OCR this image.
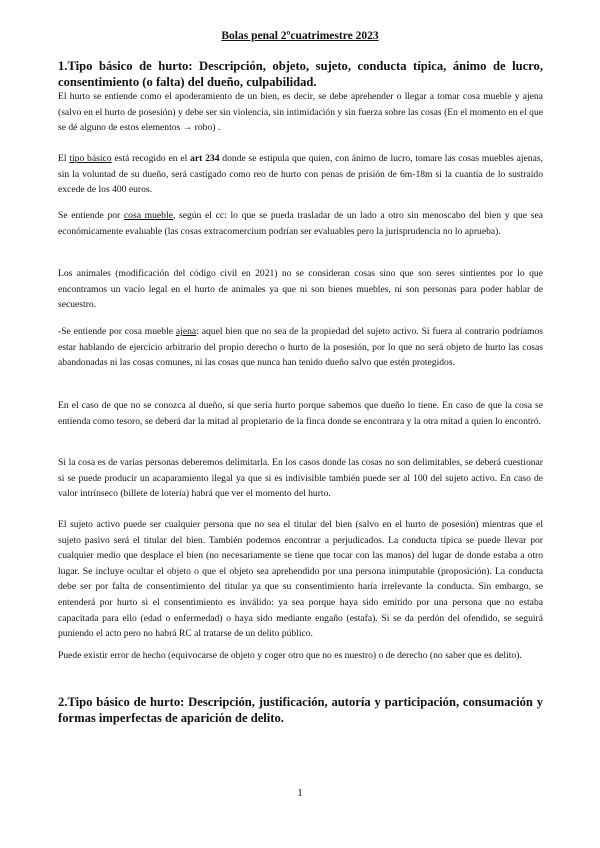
Bolas penal 2ºcuatrimestre 2023

1.Tipo básico de hurto: Descripción, objeto, sujeto, conducta típica, ánimo de lucro, consentimiento (o falta) del dueño, culpabilidad.

El hurto se entiende como el apoderamiento de un bien, es decir, se debe aprehender o llegar a tomar cosa mueble y ajena (salvo en el hurto de posesión) y debe ser sin violencia, sin intimidación y sin fuerza sobre las cosas (En el momento en el que se dé alguno de estos elementos → robo) .

El tipo básico está recogido en el art 234 donde se estipula que quien, con ánimo de lucro, tomare las cosas muebles ajenas, sin la voluntad de su dueño, será castigado como reo de hurto con penas de prisión de 6m-18m si la cuantía de lo sustraído excede de los 400 euros.

Se entiende por cosa mueble, según el cc: lo que se pueda trasladar de un lado a otro sin menoscabo del bien y que sea económicamente evaluable (las cosas extracomercium podrían ser evaluables pero la jurisprudencia no lo aprueba).

Los animales (modificación del código civil en 2021) no se consideran cosas sino que son seres sintientes por lo que encontramos un vacío legal en el hurto de animales ya que ni son bienes muebles, ni son personas para poder hablar de secuestro.

-Se entiende por cosa mueble ajena: aquel bien que no sea de la propiedad del sujeto activo. Si fuera al contrario podríamos estar hablando de ejercicio arbitrario del propio derecho o hurto de la posesión, por lo que no será objeto de hurto las cosas abandonadas ni las cosas comunes, ni las cosas que nunca han tenido dueño salvo que estén protegidos.

En el caso de que no se conozca al dueño, sí que sería hurto porque sabemos que dueño lo tiene. En caso de que la cosa se entienda como tesoro, se deberá dar la mitad al propietario de la finca donde se encontrara y la otra mitad a quien lo encontró.

Si la cosa es de varias personas deberemos delimitarla. En los casos donde las cosas no son delimitables, se deberá cuestionar si se puede producir un acaparamiento ilegal ya que si es indivisible también puede ser al 100 del sujeto activo. En caso de valor intrínseco (billete de lotería) habrá que ver el momento del hurto.

El sujeto activo puede ser cualquier persona que no sea el titular del bien (salvo en el hurto de posesión) mientras que el sujeto pasivo será el titular del bien. También podemos encontrar a perjudicados. La conducta típica se puede llevar por cualquier medio que desplace el bien (no necesariamente se tiene que tocar con las manos) del lugar de donde estaba a otro lugar. Se incluye ocultar el objeto o que el objeto sea aprehendido por una persona inimputable (proposición). La conducta debe ser por falta de consentimiento del titular ya que su consentimiento haría irrelevante la conducta. Sin embargo, se entenderá por hurto si el consentimiento es inválido: ya sea porque haya sido emitido por una persona que no estaba capacitada para ello (edad o enfermedad) o haya sido mediante engaño (estafa). Si se da perdón del ofendido, se seguirá puniendo el acto pero no habrá RC al tratarse de un delito público.

Puede existir error de hecho (equivocarse de objeto y coger otro que no es nuestro) o de derecho (no saber que es delito).

2.Tipo básico de hurto: Descripción, justificación, autoría y participación, consumación y formas imperfectas de aparición de delito.

1
